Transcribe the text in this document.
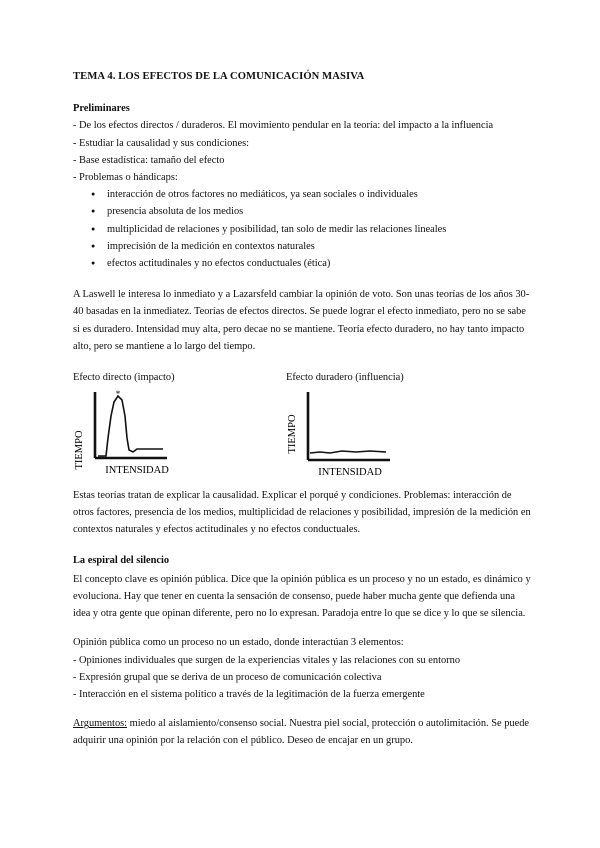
TEMA 4. LOS EFECTOS DE LA COMUNICACIÓN MASIVA

Preliminares

- De los efectos directos / duraderos. El movimiento pendular en la teoría: del impacto a la influencia

- Estudiar la causalidad y sus condiciones:

- Base estadística: tamaño del efecto

- Problemas o hándicaps:

● interacción de otros factores no mediáticos, ya sean sociales o individuales
● presencia absoluta de los medios
● multiplicidad de relaciones y posibilidad, tan solo de medir las relaciones lineales
● imprecisión de la medición en contextos naturales
● efectos actitudinales y no efectos conductuales (ética)

A Laswell le interesa lo inmediato y a Lazarsfeld cambiar la opinión de voto. Son unas teorías de los años 30-40 basadas en la inmediatez. Teorías de efectos directos. Se puede lograr el efecto inmediato, pero no se sabe si es duradero. Intensidad muy alta, pero decae no se mantiene. Teoría efecto duradero, no hay tanto impacto alto, pero se mantiene a lo largo del tiempo.

Efecto directo (impacto)

TIEMPO
*
INTENSIDAD

Efecto duradero (influencia)

TIEMPO
INTENSIDAD

Estas teorías tratan de explicar la causalidad. Explicar el porqué y condiciones. Problemas: interacción de otros factores, presencia de los medios, multiplicidad de relaciones y posibilidad, impresión de la medición en contextos naturales y efectos actitudinales y no efectos conductuales.

La espiral del silencio

El concepto clave es opinión pública. Dice que la opinión pública es un proceso y no un estado, es dinámico y evoluciona. Hay que tener en cuenta la sensación de consenso, puede haber mucha gente que defienda una idea y otra gente que opinan diferente, pero no lo expresan. Paradoja entre lo que se dice y lo que se silencia.

Opinión pública como un proceso no un estado, donde interactúan 3 elementos:

- Opiniones individuales que surgen de la experiencias vitales y las relaciones con su entorno

- Expresión grupal que se deriva de un proceso de comunicación colectiva

- Interacción en el sistema político a través de la legitimación de la fuerza emergente

Argumentos: miedo al aislamiento/consenso social. Nuestra piel social, protección o autolimitación. Se puede adquirir una opinión por la relación con el público. Deseo de encajar en un grupo.
